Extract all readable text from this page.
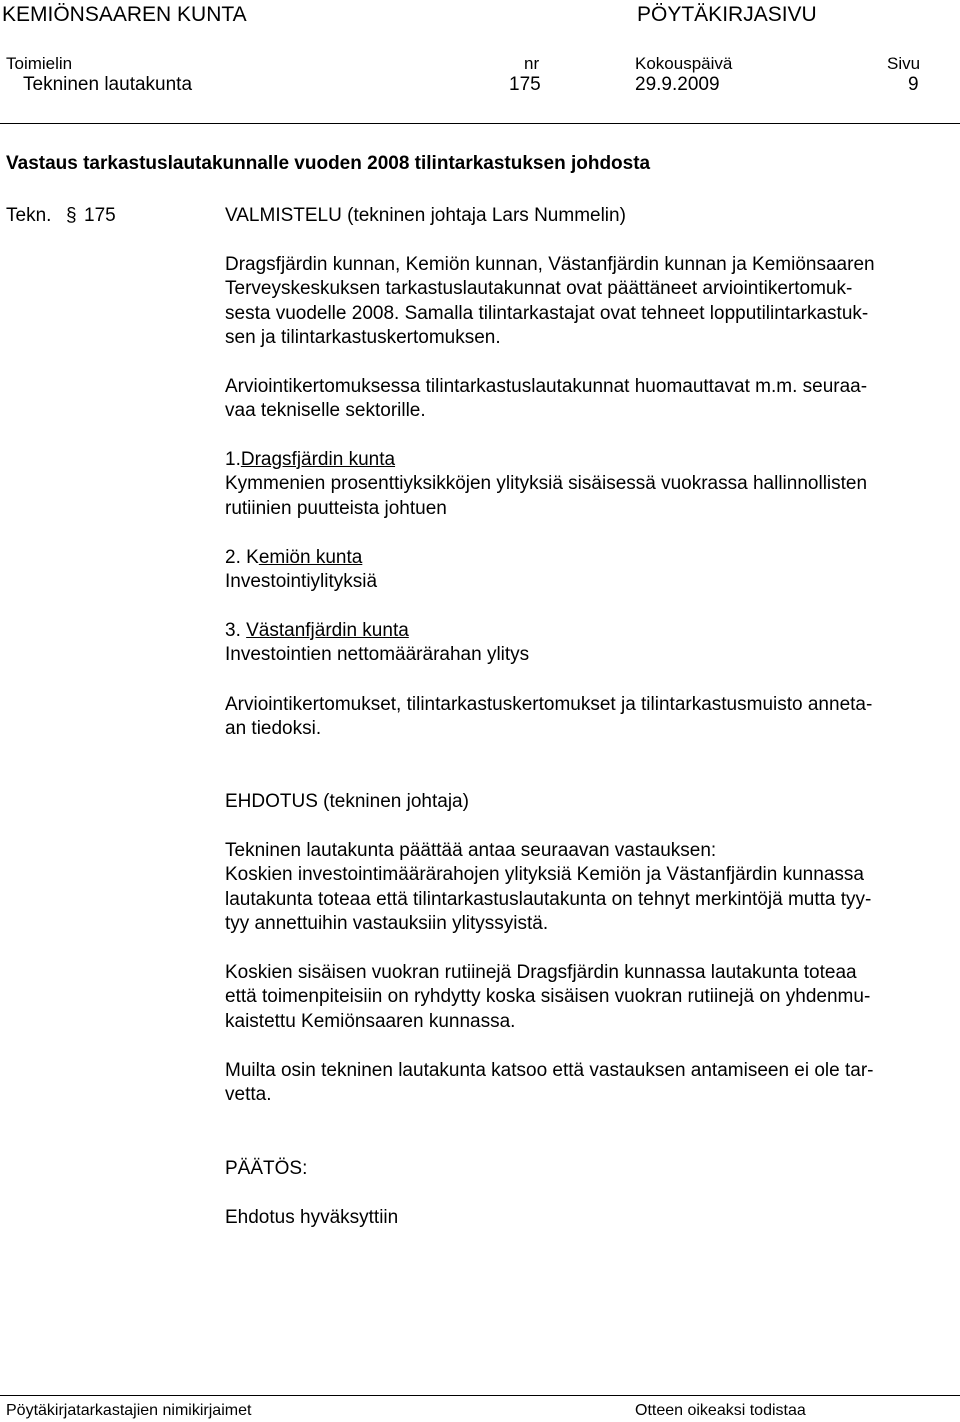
KEMIÖNSAAREN KUNTA	PÖYTÄKIRJASIVU
Toimielin	nr	Kokouspäivä	Sivu
Tekninen lautakunta	175	29.9.2009	9
Vastaus tarkastuslautakunnalle vuoden 2008 tilintarkastuksen johdosta
Tekn. § 175	VALMISTELU (tekninen johtaja Lars Nummelin)
Dragsfjärdin kunnan, Kemiön kunnan, Västanfjärdin kunnan ja Kemiönsaaren
Terveyskeskuksen tarkastuslautakunnat ovat päättäneet arviointikertomuk-
sesta vuodelle 2008. Samalla tilintarkastajat ovat tehneet lopputilintarkastuk-
sen ja tilintarkastuskertomuksen.
Arviointikertomuksessa tilintarkastuslautakunnat huomauttavat m.m. seuraa-
vaa tekniselle sektorille.
1.Dragsfjärdin kunta
Kymmenien prosenttiyksikköjen ylityksiä sisäisessä vuokrassa hallinnollisten
rutiinien puutteista johtuen
2. Kemiön kunta
Investointiylityksiä
3. Västanfjärdin kunta
Investointien nettomäärärahan ylitys
Arviointikertomukset, tilintarkastuskertomukset ja tilintarkastusmuisto anneta-
an tiedoksi.
EHDOTUS (tekninen johtaja)
Tekninen lautakunta päättää antaa seuraavan vastauksen:
Koskien investointimäärärahojen ylityksiä Kemiön ja Västanfjärdin kunnassa
lautakunta toteaa että tilintarkastuslautakunta on tehnyt merkintöjä mutta tyy-
tyy annettuihin vastauksiin ylityssyistä.
Koskien sisäisen vuokran rutiinejä Dragsfjärdin kunnassa lautakunta toteaa
että toimenpiteisiin on ryhdytty koska sisäisen vuokran rutiinejä on yhdenmu-
kaistettu Kemiönsaaren kunnassa.
Muilta osin tekninen lautakunta katsoo että vastauksen antamiseen ei ole tar-
vetta.
PÄÄTÖS:
Ehdotus hyväksyttiin
Pöytäkirjatarkastajien nimikirjaimet	Otteen oikeaksi todistaa
